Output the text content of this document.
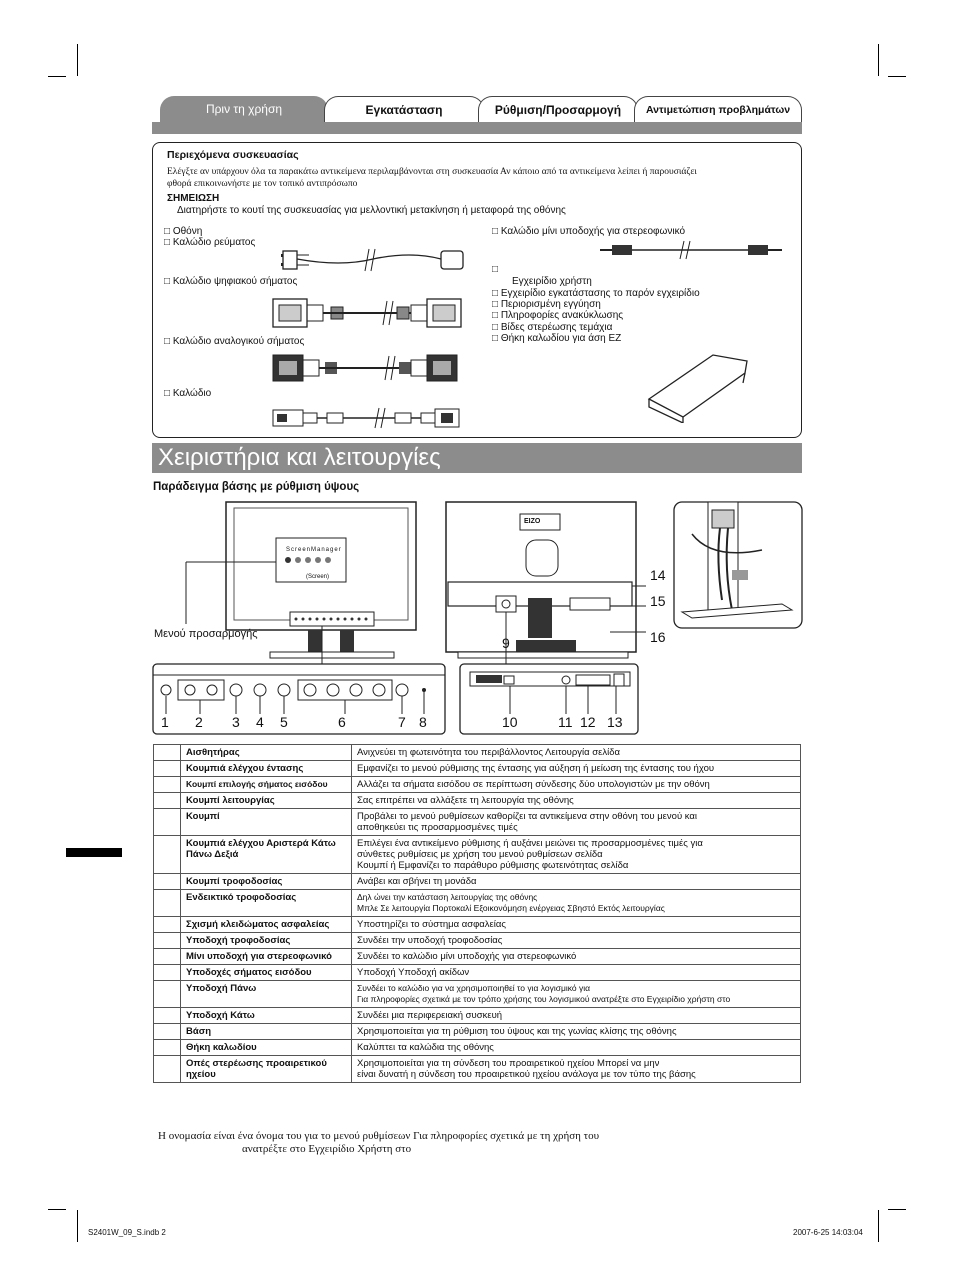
Πριν τη χρήση	Εγκατάσταση	Ρύθμιση/Προσαρμογή	Αντιμετώπιση προβλημάτων
Περιεχόμενα συσκευασίας
Ελέγξτε αν υπάρχουν όλα τα παρακάτω αντικείμενα περιλαμβάνονται στη συσκευασία Αν κάποιο από τα αντικείμενα λείπει ή παρουσιάζει
φθορά επικοινωνήστε με τον τοπικό αντιπρόσωπο
ΣΗΜΕΙΩΣΗ
Διατηρήστε το κουτί της συσκευασίας για μελλοντική μετακίνηση ή μεταφορά της οθόνης
□ Οθόνη
□ Καλώδιο ρεύματος
□ Καλώδιο ψηφιακού σήματος
□ Καλώδιο αναλογικού σήματος
□ Καλώδιο
□ Καλώδιο μίνι υποδοχής για στερεοφωνικό
□
Εγχειρίδιο χρήστη
□ Εγχειρίδιο εγκατάστασης το παρόν εγχειρίδιο
□ Περιορισμένη εγγύηση
□ Πληροφορίες ανακύκλωσης
□ Βίδες στερέωσης τεμάχια
□ Θήκη καλωδίου για άση EZ
Χειριστήρια και λειτουργίες
Παράδειγμα βάσης με ρύθμιση ύψους
ScreenManager
(Screen)
Μενού προσαρμογής
1 2 3 4 5	6	7 8
EIZO
14
15
16
9
10	11 12 13
	Αισθητήρας	Ανιχνεύει τη φωτεινότητα του περιβάλλοντος Λειτουργία σελίδα

	Κουμπιά ελέγχου έντασης	Εμφανίζει το μενού ρύθμισης της έντασης για αύξηση ή μείωση της έντασης του ήχου

	Κουμπί επιλογής σήματος εισόδου	Αλλάζει τα σήματα εισόδου σε περίπτωση σύνδεσης δύο υπολογιστών με την οθόνη

	Κουμπί λειτουργίας	Σας επιτρέπει να αλλάξετε τη λειτουργία της οθόνης

	Κουμπί	Προβάλει το μενού ρυθμίσεων καθορίζει τα αντικείμενα στην οθόνη του μενού και
αποθηκεύει τις προσαρμοσμένες τιμές

	Κουμπιά ελέγχου Αριστερά Κάτω Πάνω Δεξιά	Επιλέγει ένα αντικείμενο ρύθμισης ή αυξάνει μειώνει τις προσαρμοσμένες τιμές για
σύνθετες ρυθμίσεις με χρήση του μενού ρυθμίσεων σελίδα
Κουμπί ή Εμφανίζει το παράθυρο ρύθμισης φωτεινότητας σελίδα

	Κουμπί τροφοδοσίας	Ανάβει και σβήνει τη μονάδα

	Ενδεικτικό τροφοδοσίας	Δηλ ώνει την κατάσταση λειτουργίας της οθόνης
Μπλε Σε λειτουργία Πορτοκαλί Εξοικονόμηση ενέργειας Σβηστό Εκτός λειτουργίας

	Σχισμή κλειδώματος ασφαλείας	Υποστηρίζει το σύστημα ασφαλείας

	Υποδοχή τροφοδοσίας	Συνδέει την υποδοχή τροφοδοσίας

	Μίνι υποδοχή για στερεοφωνικό	Συνδέει το καλώδιο μίνι υποδοχής για στερεοφωνικό

	Υποδοχές σήματος εισόδου	Υποδοχή Υποδοχή ακίδων

	Υποδοχή Πάνω	Συνδέει το καλώδιο για να χρησιμοποιηθεί το για λογισμικό για
Για πληροφορίες σχετικά με τον τρόπο χρήσης του λογισμικού ανατρέξτε στο Εγχειρίδιο χρήστη στο

	Υποδοχή Κάτω	Συνδέει μια περιφερειακή συσκευή

	Βάση	Χρησιμοποιείται για τη ρύθμιση του ύψους και της γωνίας κλίσης της οθόνης

	Θήκη καλωδίου	Καλύπτει τα καλώδια της οθόνης

	Οπές στερέωσης προαιρετικού ηχείου	Χρησιμοποιείται για τη σύνδεση του προαιρετικού ηχείου Μπορεί να μην
είναι δυνατή η σύνδεση του προαιρετικού ηχείου ανάλογα με τον τύπο της βάσης
Η ονομασία είναι ένα όνομα του για το μενού ρυθμίσεων Για πληροφορίες σχετικά με τη χρήση του
ανατρέξτε στο Εγχειρίδιο Χρήστη στο
S2401W_09_S.indb 2	2007-6-25 14:03:04
